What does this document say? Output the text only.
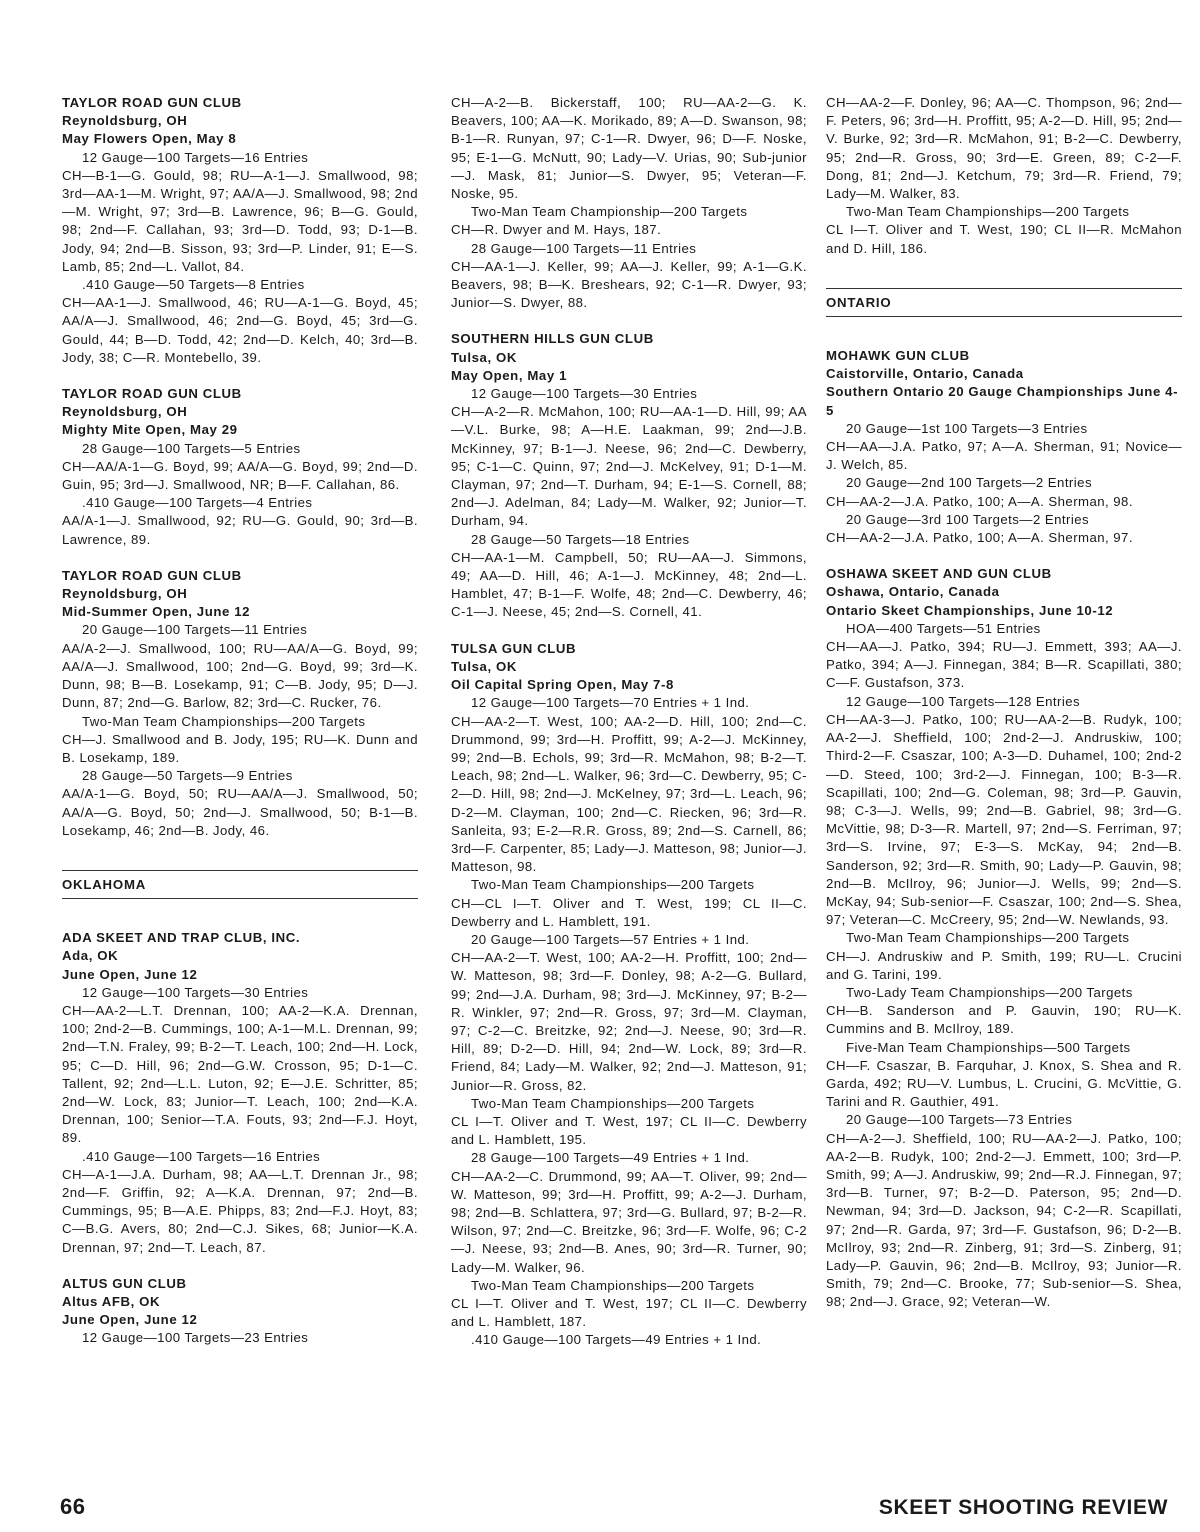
TAYLOR ROAD GUN CLUB
Reynoldsburg, OH
May Flowers Open, May 8
12 Gauge—100 Targets—16 Entries
CH—B-1—G. Gould, 98; RU—A-1—J. Smallwood, 98; 3rd—AA-1—M. Wright, 97; AA/A—J. Smallwood, 98; 2nd—M. Wright, 97; 3rd—B. Lawrence, 96; B—G. Gould, 98; 2nd—F. Callahan, 93; 3rd—D. Todd, 93; D-1—B. Jody, 94; 2nd—B. Sisson, 93; 3rd—P. Linder, 91; E—S. Lamb, 85; 2nd—L. Vallot, 84.
.410 Gauge—50 Targets—8 Entries
CH—AA-1—J. Smallwood, 46; RU—A-1—G. Boyd, 45; AA/A—J. Smallwood, 46; 2nd—G. Boyd, 45; 3rd—G. Gould, 44; B—D. Todd, 42; 2nd—D. Kelch, 40; 3rd—B. Jody, 38; C—R. Montebello, 39.
TAYLOR ROAD GUN CLUB
Reynoldsburg, OH
Mighty Mite Open, May 29
28 Gauge—100 Targets—5 Entries
CH—AA/A-1—G. Boyd, 99; AA/A—G. Boyd, 99; 2nd—D. Guin, 95; 3rd—J. Smallwood, NR; B—F. Callahan, 86.
.410 Gauge—100 Targets—4 Entries
AA/A-1—J. Smallwood, 92; RU—G. Gould, 90; 3rd—B. Lawrence, 89.
TAYLOR ROAD GUN CLUB
Reynoldsburg, OH
Mid-Summer Open, June 12
20 Gauge—100 Targets—11 Entries
AA/A-2—J. Smallwood, 100; RU—AA/A—G. Boyd, 99; AA/A—J. Smallwood, 100; 2nd—G. Boyd, 99; 3rd—K. Dunn, 98; B—B. Losekamp, 91; C—B. Jody, 95; D—J. Dunn, 87; 2nd—G. Barlow, 82; 3rd—C. Rucker, 76.
Two-Man Team Championships—200 Targets
CH—J. Smallwood and B. Jody, 195; RU—K. Dunn and B. Losekamp, 189.
28 Gauge—50 Targets—9 Entries
AA/A-1—G. Boyd, 50; RU—AA/A—J. Smallwood, 50; AA/A—G. Boyd, 50; 2nd—J. Smallwood, 50; B-1—B. Losekamp, 46; 2nd—B. Jody, 46.
OKLAHOMA
ADA SKEET AND TRAP CLUB, INC.
Ada, OK
June Open, June 12
12 Gauge—100 Targets—30 Entries
CH—AA-2—L.T. Drennan, 100; AA-2—K.A. Drennan, 100; 2nd-2—B. Cummings, 100; A-1—M.L. Drennan, 99; 2nd—T.N. Fraley, 99; B-2—T. Leach, 100; 2nd—H. Lock, 95; C—D. Hill, 96; 2nd—G.W. Crosson, 95; D-1—C. Tallent, 92; 2nd—L.L. Luton, 92; E—J.E. Schritter, 85; 2nd—W. Lock, 83; Junior—T. Leach, 100; 2nd—K.A. Drennan, 100; Senior—T.A. Fouts, 93; 2nd—F.J. Hoyt, 89.
.410 Gauge—100 Targets—16 Entries
CH—A-1—J.A. Durham, 98; AA—L.T. Drennan Jr., 98; 2nd—F. Griffin, 92; A—K.A. Drennan, 97; 2nd—B. Cummings, 95; B—A.E. Phipps, 83; 2nd—F.J. Hoyt, 83; C—B.G. Avers, 80; 2nd—C.J. Sikes, 68; Junior—K.A. Drennan, 97; 2nd—T. Leach, 87.
ALTUS GUN CLUB
Altus AFB, OK
June Open, June 12
12 Gauge—100 Targets—23 Entries
CH—A-2—B. Bickerstaff, 100; RU—AA-2—G. K. Beavers, 100; AA—K. Morikado, 89; A—D. Swanson, 98; B-1—R. Runyan, 97; C-1—R. Dwyer, 96; D—F. Noske, 95; E-1—G. McNutt, 90; Lady—V. Urias, 90; Sub-junior—J. Mask, 81; Junior—S. Dwyer, 95; Veteran—F. Noske, 95.
Two-Man Team Championship—200 Targets
CH—R. Dwyer and M. Hays, 187.
28 Gauge—100 Targets—11 Entries
CH—AA-1—J. Keller, 99; AA—J. Keller, 99; A-1—G.K. Beavers, 98; B—K. Breshears, 92; C-1—R. Dwyer, 93; Junior—S. Dwyer, 88.
SOUTHERN HILLS GUN CLUB
Tulsa, OK
May Open, May 1
12 Gauge—100 Targets—30 Entries
CH—A-2—R. McMahon, 100; RU—AA-1—D. Hill, 99; AA—V.L. Burke, 98; A—H.E. Laakman, 99; 2nd—J.B. McKinney, 97; B-1—J. Neese, 96; 2nd—C. Dewberry, 95; C-1—C. Quinn, 97; 2nd—J. McKelvey, 91; D-1—M. Clayman, 97; 2nd—T. Durham, 94; E-1—S. Cornell, 88; 2nd—J. Adelman, 84; Lady—M. Walker, 92; Junior—T. Durham, 94.
28 Gauge—50 Targets—18 Entries
CH—AA-1—M. Campbell, 50; RU—AA—J. Simmons, 49; AA—D. Hill, 46; A-1—J. McKinney, 48; 2nd—L. Hamblet, 47; B-1—F. Wolfe, 48; 2nd—C. Dewberry, 46; C-1—J. Neese, 45; 2nd—S. Cornell, 41.
TULSA GUN CLUB
Tulsa, OK
Oil Capital Spring Open, May 7-8
12 Gauge—100 Targets—70 Entries + 1 Ind.
CH—AA-2—T. West, 100; AA-2—D. Hill, 100; 2nd—C. Drummond, 99; 3rd—H. Proffitt, 99; A-2—J. McKinney, 99; 2nd—B. Echols, 99; 3rd—R. McMahon, 98; B-2—T. Leach, 98; 2nd—L. Walker, 96; 3rd—C. Dewberry, 95; C-2—D. Hill, 98; 2nd—J. McKelney, 97; 3rd—L. Leach, 96; D-2—M. Clayman, 100; 2nd—C. Riecken, 96; 3rd—R. Sanleita, 93; E-2—R.R. Gross, 89; 2nd—S. Carnell, 86; 3rd—F. Carpenter, 85; Lady—J. Matteson, 98; Junior—J. Matteson, 98.
Two-Man Team Championships—200 Targets
CH—CL I—T. Oliver and T. West, 199; CL II—C. Dewberry and L. Hamblett, 191.
20 Gauge—100 Targets—57 Entries + 1 Ind.
CH—AA-2—T. West, 100; AA-2—H. Proffitt, 100; 2nd—W. Matteson, 98; 3rd—F. Donley, 98; A-2—G. Bullard, 99; 2nd—J.A. Durham, 98; 3rd—J. McKinney, 97; B-2—R. Winkler, 97; 2nd—R. Gross, 97; 3rd—M. Clayman, 97; C-2—C. Breitzke, 92; 2nd—J. Neese, 90; 3rd—R. Hill, 89; D-2—D. Hill, 94; 2nd—W. Lock, 89; 3rd—R. Friend, 84; Lady—M. Walker, 92; 2nd—J. Matteson, 91; Junior—R. Gross, 82.
Two-Man Team Championships—200 Targets
CL I—T. Oliver and T. West, 197; CL II—C. Dewberry and L. Hamblett, 195.
28 Gauge—100 Targets—49 Entries + 1 Ind.
CH—AA-2—C. Drummond, 99; AA—T. Oliver, 99; 2nd—W. Matteson, 99; 3rd—H. Proffitt, 99; A-2—J. Durham, 98; 2nd—B. Schlattera, 97; 3rd—G. Bullard, 97; B-2—R. Wilson, 97; 2nd—C. Breitzke, 96; 3rd—F. Wolfe, 96; C-2—J. Neese, 93; 2nd—B. Anes, 90; 3rd—R. Turner, 90; Lady—M. Walker, 96.
Two-Man Team Championships—200 Targets
CL I—T. Oliver and T. West, 197; CL II—C. Dewberry and L. Hamblett, 187.
.410 Gauge—100 Targets—49 Entries + 1 Ind.
CH—AA-2—F. Donley, 96; AA—C. Thompson, 96; 2nd—F. Peters, 96; 3rd—H. Proffitt, 95; A-2—D. Hill, 95; 2nd—V. Burke, 92; 3rd—R. McMahon, 91; B-2—C. Dewberry, 95; 2nd—R. Gross, 90; 3rd—E. Green, 89; C-2—F. Dong, 81; 2nd—J. Ketchum, 79; 3rd—R. Friend, 79; Lady—M. Walker, 83.
Two-Man Team Championships—200 Targets
CL I—T. Oliver and T. West, 190; CL II—R. McMahon and D. Hill, 186.
ONTARIO
MOHAWK GUN CLUB
Caistorville, Ontario, Canada
Southern Ontario 20 Gauge Championships June 4-5
20 Gauge—1st 100 Targets—3 Entries
CH—AA—J.A. Patko, 97; A—A. Sherman, 91; Novice—J. Welch, 85.
20 Gauge—2nd 100 Targets—2 Entries
CH—AA-2—J.A. Patko, 100; A—A. Sherman, 98.
20 Gauge—3rd 100 Targets—2 Entries
CH—AA-2—J.A. Patko, 100; A—A. Sherman, 97.
OSHAWA SKEET AND GUN CLUB
Oshawa, Ontario, Canada
Ontario Skeet Championships, June 10-12
HOA—400 Targets—51 Entries
CH—AA—J. Patko, 394; RU—J. Emmett, 393; AA—J. Patko, 394; A—J. Finnegan, 384; B—R. Scapillati, 380; C—F. Gustafson, 373.
12 Gauge—100 Targets—128 Entries
CH—AA-3—J. Patko, 100; RU—AA-2—B. Rudyk, 100; AA-2—J. Sheffield, 100; 2nd-2—J. Andruskiw, 100; Third-2—F. Csaszar, 100; A-3—D. Duhamel, 100; 2nd-2—D. Steed, 100; 3rd-2—J. Finnegan, 100; B-3—R. Scapillati, 100; 2nd—G. Coleman, 98; 3rd—P. Gauvin, 98; C-3—J. Wells, 99; 2nd—B. Gabriel, 98; 3rd—G. McVittie, 98; D-3—R. Martell, 97; 2nd—S. Ferriman, 97; 3rd—S. Irvine, 97; E-3—S. McKay, 94; 2nd—B. Sanderson, 92; 3rd—R. Smith, 90; Lady—P. Gauvin, 98; 2nd—B. McIlroy, 96; Junior—J. Wells, 99; 2nd—S. McKay, 94; Sub-senior—F. Csaszar, 100; 2nd—S. Shea, 97; Veteran—C. McCreery, 95; 2nd—W. Newlands, 93.
Two-Man Team Championships—200 Targets
CH—J. Andruskiw and P. Smith, 199; RU—L. Crucini and G. Tarini, 199.
Two-Lady Team Championships—200 Targets
CH—B. Sanderson and P. Gauvin, 190; RU—K. Cummins and B. McIlroy, 189.
Five-Man Team Championships—500 Targets
CH—F. Csaszar, B. Farquhar, J. Knox, S. Shea and R. Garda, 492; RU—V. Lumbus, L. Crucini, G. McVittie, G. Tarini and R. Gauthier, 491.
20 Gauge—100 Targets—73 Entries
CH—A-2—J. Sheffield, 100; RU—AA-2—J. Patko, 100; AA-2—B. Rudyk, 100; 2nd-2—J. Emmett, 100; 3rd—P. Smith, 99; A—J. Andruskiw, 99; 2nd—R.J. Finnegan, 97; 3rd—B. Turner, 97; B-2—D. Paterson, 95; 2nd—D. Newman, 94; 3rd—D. Jackson, 94; C-2—R. Scapillati, 97; 2nd—R. Garda, 97; 3rd—F. Gustafson, 96; D-2—B. McIlroy, 93; 2nd—R. Zinberg, 91; 3rd—S. Zinberg, 91; Lady—P. Gauvin, 96; 2nd—B. McIlroy, 93; Junior—R. Smith, 79; 2nd—C. Brooke, 77; Sub-senior—S. Shea, 98; 2nd—J. Grace, 92; Veteran—W.
66	SKEET SHOOTING REVIEW
